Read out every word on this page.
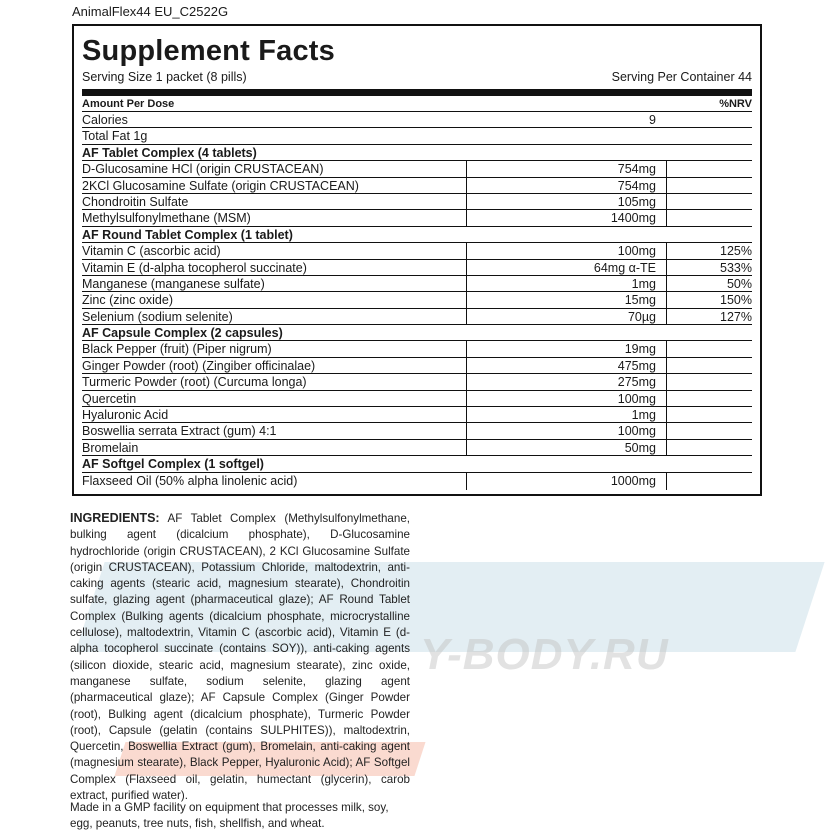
AnimalFlex44 EU_C2522G
Y-BODY.RU
Supplement Facts
Serving Size 1 packet (8 pills)	Serving Per Container 44
Amount Per Dose	%NRV
Calories	9
Total Fat 1g
AF Tablet Complex (4 tablets)
D-Glucosamine HCl (origin CRUSTACEAN)	754mg
2KCl Glucosamine Sulfate (origin CRUSTACEAN)	754mg
Chondroitin Sulfate	105mg
Methylsulfonylmethane (MSM)	1400mg
AF Round Tablet Complex (1 tablet)
Vitamin C (ascorbic acid)	100mg	125%
Vitamin E (d-alpha tocopherol succinate)	64mg α-TE	533%
Manganese (manganese sulfate)	1mg	50%
Zinc (zinc oxide)	15mg	150%
Selenium (sodium selenite)	70µg	127%
AF Capsule Complex (2 capsules)
Black Pepper (fruit) (Piper nigrum)	19mg
Ginger Powder (root) (Zingiber officinalae)	475mg
Turmeric Powder (root) (Curcuma longa)	275mg
Quercetin	100mg
Hyaluronic Acid	1mg
Boswellia serrata Extract (gum) 4:1	100mg
Bromelain	50mg
AF Softgel Complex (1 softgel)
Flaxseed Oil (50% alpha linolenic acid)	1000mg
INGREDIENTS: AF Tablet Complex (Methylsulfonylmethane, bulking agent (dicalcium phosphate), D-Glucosamine hydrochloride (origin CRUSTACEAN), 2 KCl Glucosamine Sulfate (origin CRUSTACEAN), Potassium Chloride, maltodextrin, anti-caking agents (stearic acid, magnesium stearate), Chondroitin sulfate, glazing agent (pharmaceutical glaze); AF Round Tablet Complex (Bulking agents (dicalcium phosphate, microcrystalline cellulose), maltodextrin, Vitamin C (ascorbic acid), Vitamin E (d-alpha tocopherol succinate (contains SOY)), anti-caking agents (silicon dioxide, stearic acid, magnesium stearate), zinc oxide, manganese sulfate, sodium selenite, glazing agent (pharmaceutical glaze); AF Capsule Complex (Ginger Powder (root), Bulking agent (dicalcium phosphate), Turmeric Powder (root), Capsule (gelatin (contains SULPHITES)), maltodextrin, Quercetin, Boswellia Extract (gum), Bromelain, anti-caking agent (magnesium stearate), Black Pepper, Hyaluronic Acid); AF Softgel Complex (Flaxseed oil, gelatin, humectant (glycerin), carob extract, purified water).
Made in a GMP facility on equipment that processes milk, soy, egg, peanuts, tree nuts, fish, shellfish, and wheat.
